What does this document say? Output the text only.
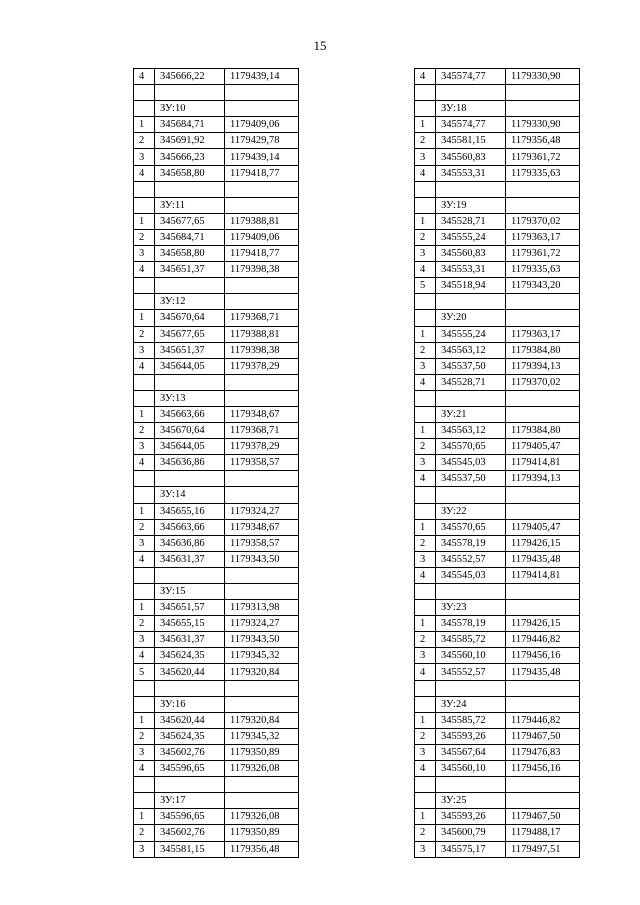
15
4	345666,22	1179439,14

	ЗУ:10	
1	345684,71	1179409,06
2	345691,92	1179429,78
3	345666,23	1179439,14
4	345658,80	1179418,77

	ЗУ:11	
1	345677,65	1179388,81
2	345684,71	1179409,06
3	345658,80	1179418,77
4	345651,37	1179398,38

	ЗУ:12	
1	345670,64	1179368,71
2	345677,65	1179388,81
3	345651,37	1179398,38
4	345644,05	1179378,29

	ЗУ:13	
1	345663,66	1179348,67
2	345670,64	1179368,71
3	345644,05	1179378,29
4	345636,86	1179358,57

	ЗУ:14	
1	345655,16	1179324,27
2	345663,66	1179348,67
3	345636,86	1179358,57
4	345631,37	1179343,50

	ЗУ:15	
1	345651,57	1179313,98
2	345655,15	1179324,27
3	345631,37	1179343,50
4	345624,35	1179345,32
5	345620,44	1179320,84

	ЗУ:16	
1	345620,44	1179320,84
2	345624,35	1179345,32
3	345602,76	1179350,89
4	345596,65	1179326,08

	ЗУ:17	
1	345596,65	1179326,08
2	345602,76	1179350,89
3	345581,15	1179356,48
4	345574,77	1179330,90

	ЗУ:18	
1	345574,77	1179330,90
2	345581,15	1179356,48
3	345560,83	1179361,72
4	345553,31	1179335,63

	ЗУ:19	
1	345528,71	1179370,02
2	345555,24	1179363,17
3	345560,83	1179361,72
4	345553,31	1179335,63
5	345518,94	1179343,20

	ЗУ:20	
1	345555,24	1179363,17
2	345563,12	1179384,80
3	345537,50	1179394,13
4	345528,71	1179370,02

	ЗУ:21	
1	345563,12	1179384,80
2	345570,65	1179405,47
3	345545,03	1179414,81
4	345537,50	1179394,13

	ЗУ:22	
1	345570,65	1179405,47
2	345578,19	1179426,15
3	345552,57	1179435,48
4	345545,03	1179414,81

	ЗУ:23	
1	345578,19	1179426,15
2	345585,72	1179446,82
3	345560,10	1179456,16
4	345552,57	1179435,48

	ЗУ:24	
1	345585,72	1179446,82
2	345593,26	1179467,50
3	345567,64	1179476,83
4	345560,10	1179456,16

	ЗУ:25	
1	345593,26	1179467,50
2	345600,79	1179488,17
3	345575,17	1179497,51
